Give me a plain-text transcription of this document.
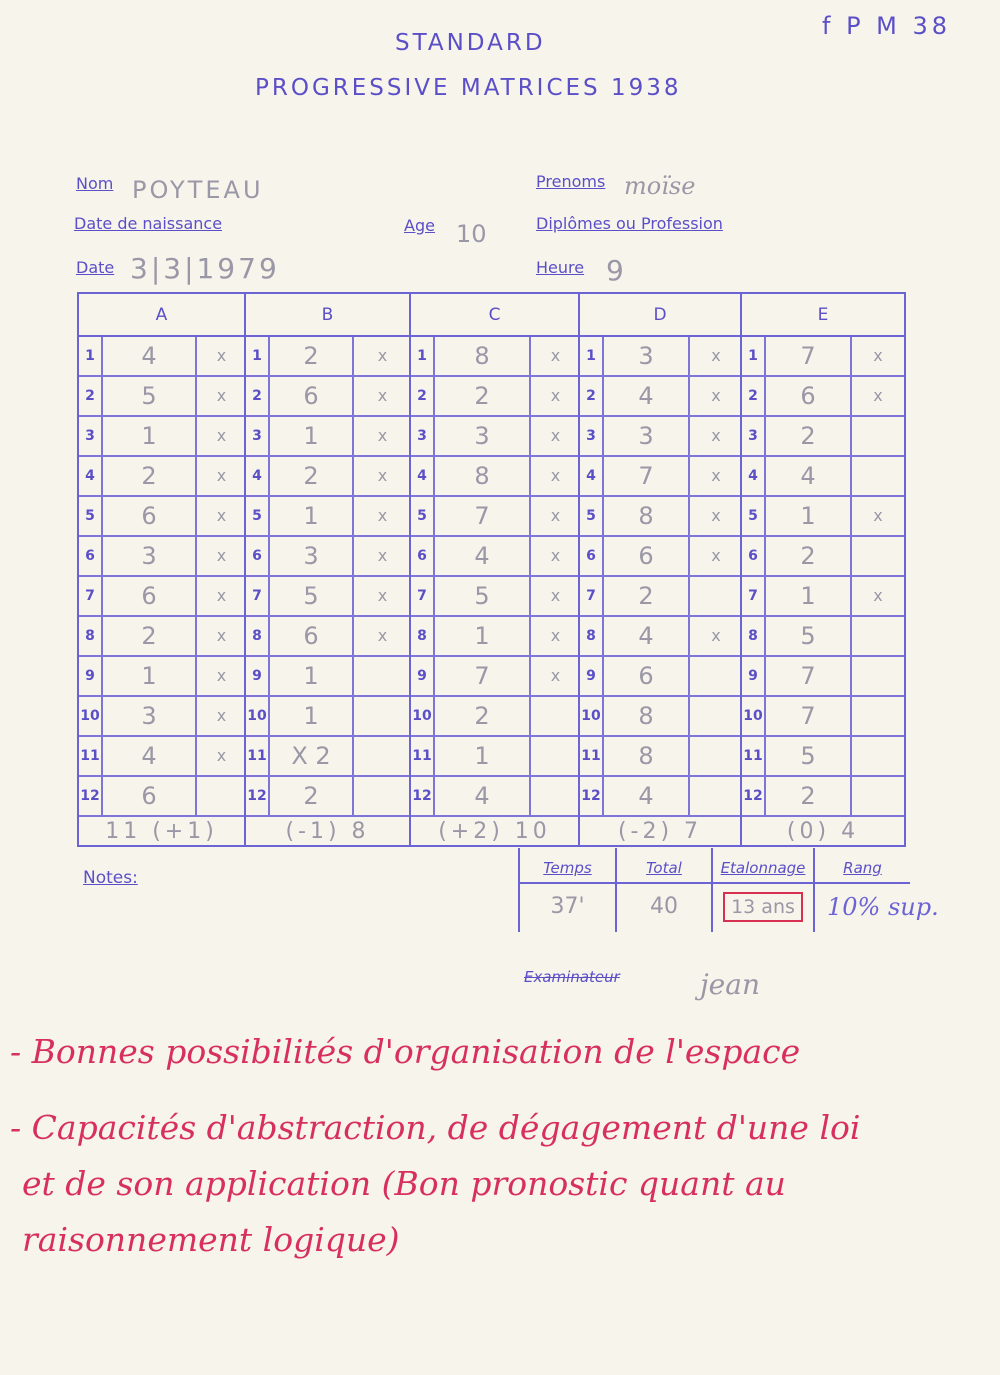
STANDARD
PROGRESSIVE MATRICES 1938
f P M 38
Nom POYTEAU	Prenoms moïse
Date de naissance	Age 10	Diplômes ou Profession
Date 3|3|1979	Heure 9
A
1	4	x
2	5	x
3	1	x
4	2	x
5	6	x
6	3	x
7	6	x
8	2	x
9	1	x
10	3	x
11	4	x
12	6
11 (+1)
B
1	2	x
2	6	x
3	1	x
4	2	x
5	1	x
6	3	x
7	5	x
8	6	x
9	1
10	1
11	X 2
12	2
(-1) 8
C
1	8	x
2	2	x
3	3	x
4	8	x
5	7	x
6	4	x
7	5	x
8	1	x
9	7	x
10	2
11	1
12	4
(+2) 10
D
1	3	x
2	4	x
3	3	x
4	7	x
5	8	x
6	6	x
7	2
8	4	x
9	6
10	8
11	8
12	4
(-2) 7
E
1	7	x
2	6	x
3	2
4	4
5	1	x
6	2
7	1	x
8	5
9	7
10	7
11	5
12	2
(0) 4
Temps
37'
Total
40
Etalonnage
13 ans
Rang
10% sup.
Notes:
Examinateur	jean
- Bonnes possibilités d'organisation de l'espace
- Capacités d'abstraction, de dégagement d'une loi
et de son application (Bon pronostic quant au
raisonnement logique)
